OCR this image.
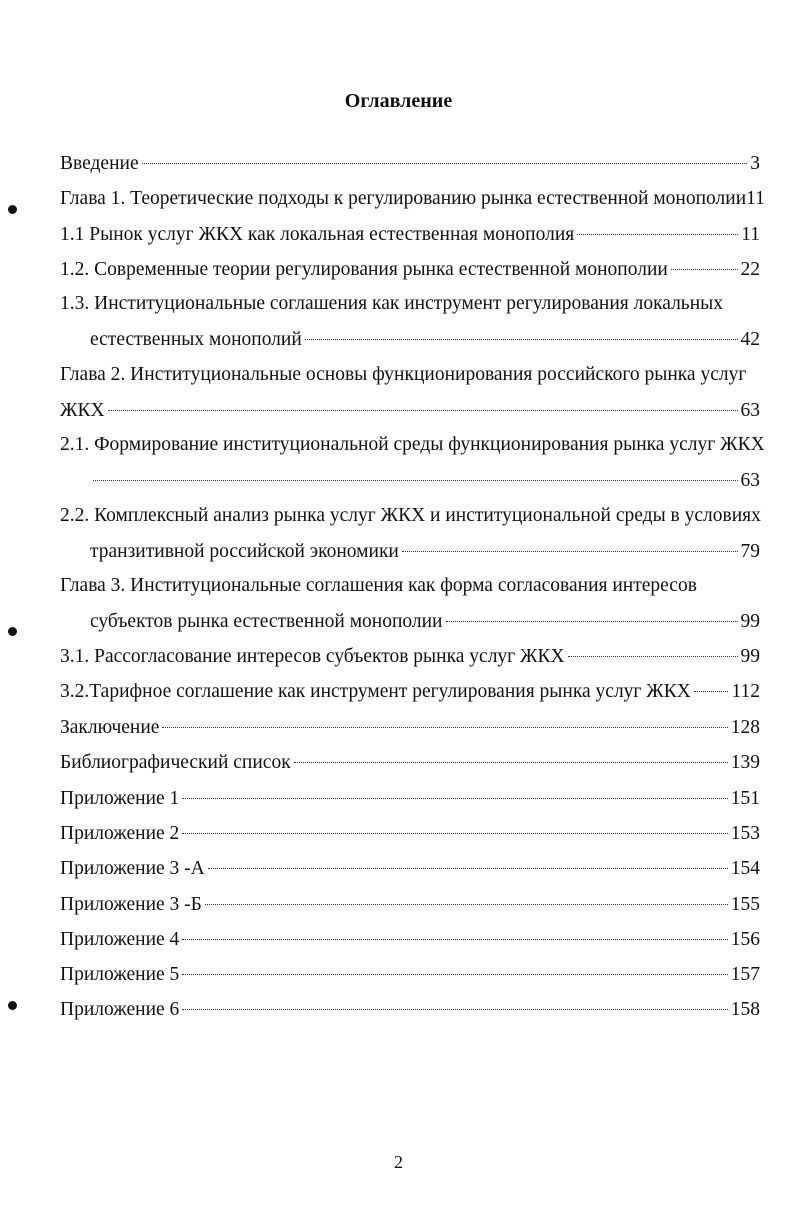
Оглавление
Введение	3
Глава 1. Теоретические подходы к регулированию рынка естественной монополии 11
1.1 Рынок услуг ЖКХ как локальная естественная монополия	11
1.2. Современные теории регулирования рынка естественной монополии	22
1.3. Институциональные соглашения как инструмент регулирования локальных
естественных монополий	42
Глава 2. Институциональные основы функционирования российского рынка услуг
ЖКХ	63
2.1. Формирование институциональной среды функционирования рынка услуг ЖКХ
63
2.2. Комплексный анализ рынка услуг ЖКХ и институциональной среды в условиях
транзитивной российской экономики	79
Глава 3. Институциональные соглашения как форма согласования интересов
субъектов рынка естественной монополии	99
3.1. Рассогласование интересов субъектов рынка услуг ЖКХ	99
3.2.Тарифное соглашение как инструмент регулирования рынка услуг ЖКХ 112
Заключение	128
Библиографический список	139
Приложение 1	151
Приложение 2	153
Приложение 3 -А	154
Приложение 3 -Б	155
Приложение 4	156
Приложение 5	157
Приложение 6	158
2
